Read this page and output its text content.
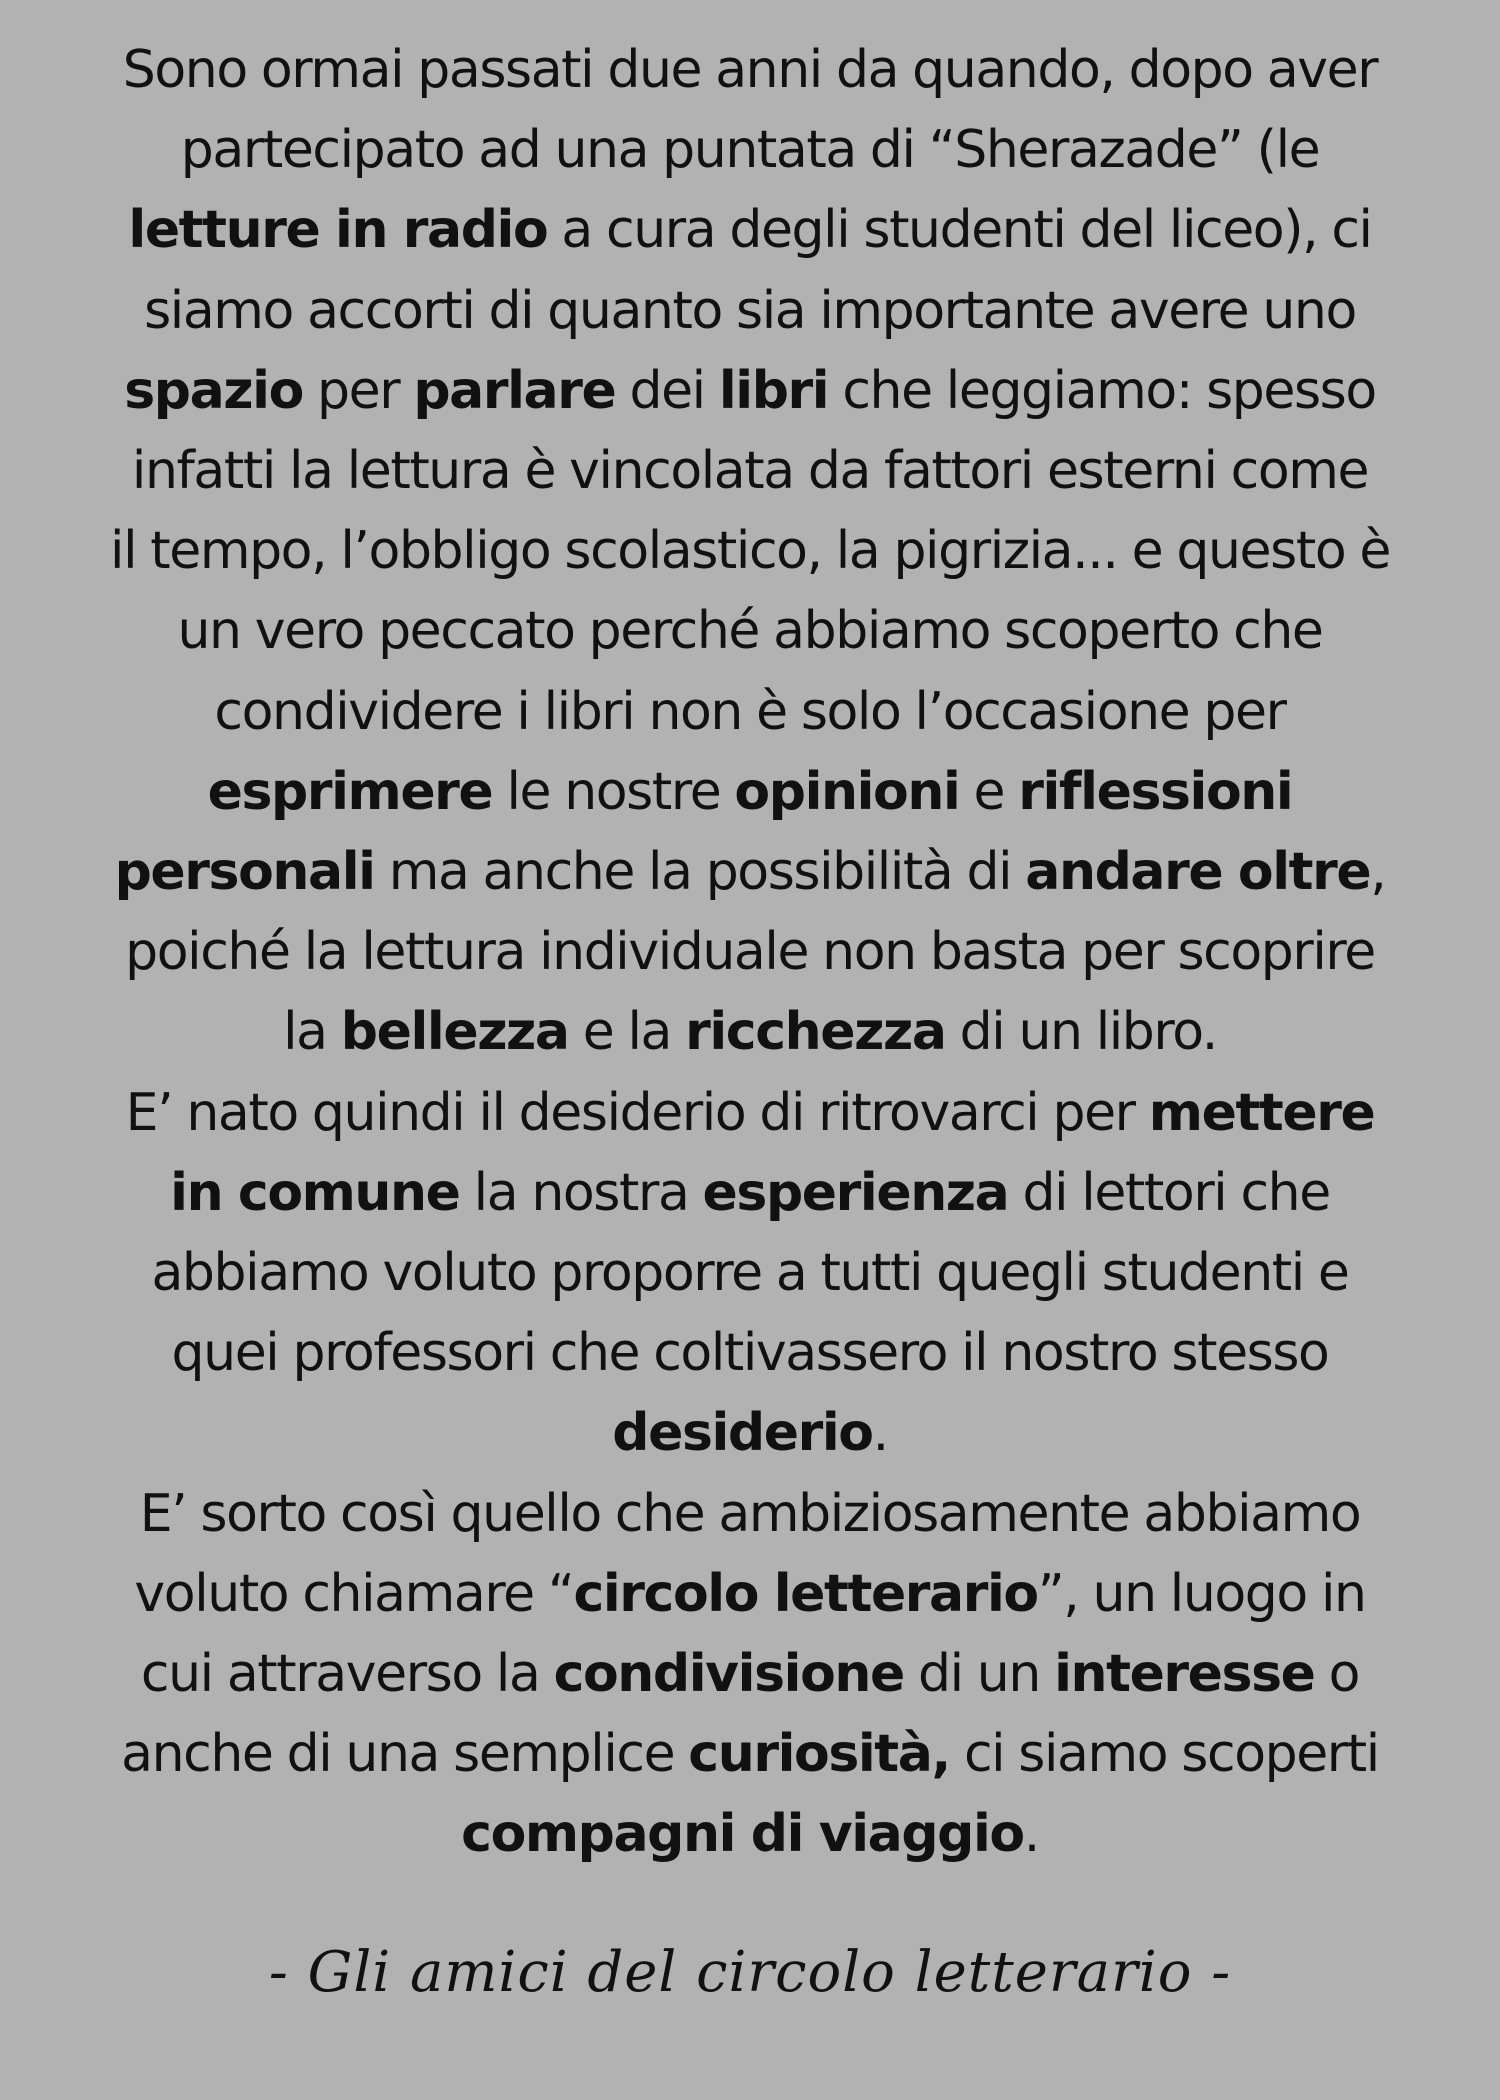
Sono ormai passati due anni da quando, dopo aver
partecipato ad una puntata di “Sherazade” (le
letture in radio a cura degli studenti del liceo), ci
siamo accorti di quanto sia importante avere uno
spazio per parlare dei libri che leggiamo: spesso
infatti la lettura è vincolata da fattori esterni come
il tempo, l’obbligo scolastico, la pigrizia... e questo è
un vero peccato perché abbiamo scoperto che
condividere i libri non è solo l’occasione per
esprimere le nostre opinioni e riflessioni
personali ma anche la possibilità di andare oltre,
poiché la lettura individuale non basta per scoprire
la bellezza e la ricchezza di un libro.
E’ nato quindi il desiderio di ritrovarci per mettere
in comune la nostra esperienza di lettori che
abbiamo voluto proporre a tutti quegli studenti e
quei professori che coltivassero il nostro stesso
desiderio.
E’ sorto così quello che ambiziosamente abbiamo
voluto chiamare “circolo letterario”, un luogo in
cui attraverso la condivisione di un interesse o
anche di una semplice curiosità, ci siamo scoperti
compagni di viaggio.
- Gli amici del circolo letterario -
